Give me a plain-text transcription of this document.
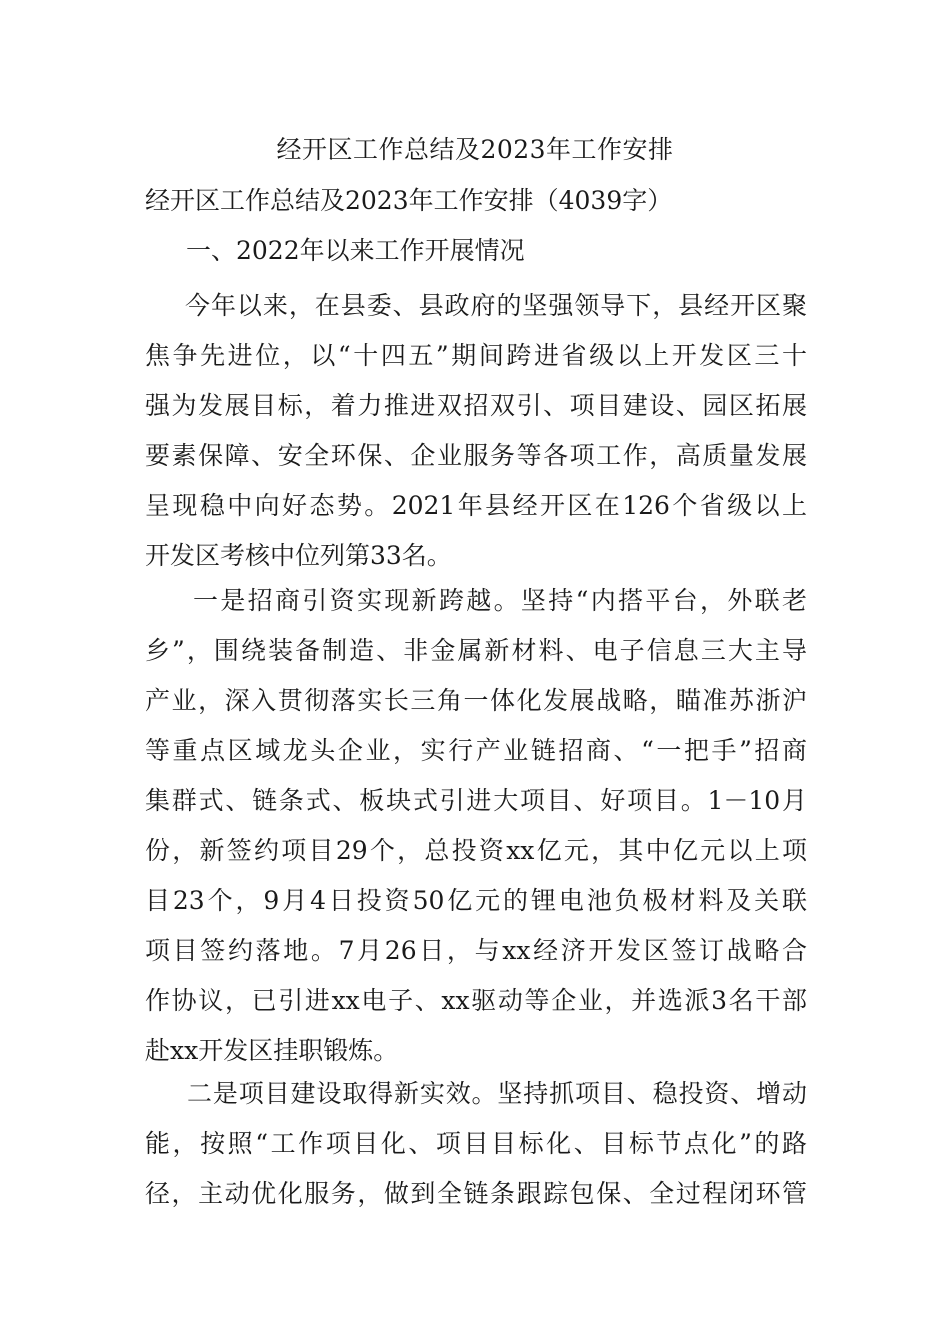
经开区工作总结及2023年工作安排
经开区工作总结及2023年工作安排（4039字）
一、2022年以来工作开展情况
今年以来，在县委、县政府的坚强领导下，县经开区聚
焦争先进位，以“十四五”期间跨进省级以上开发区三十
强为发展目标，着力推进双招双引、项目建设、园区拓展
要素保障、安全环保、企业服务等各项工作，高质量发展
呈现稳中向好态势。2021年县经开区在126个省级以上
开发区考核中位列第33名。
一是招商引资实现新跨越。坚持“内搭平台，外联老
乡”，围绕装备制造、非金属新材料、电子信息三大主导
产业，深入贯彻落实长三角一体化发展战略，瞄准苏浙沪
等重点区域龙头企业，实行产业链招商、“一把手”招商
集群式、链条式、板块式引进大项目、好项目。1－10月
份，新签约项目29个，总投资xx亿元，其中亿元以上项
目23个，9月4日投资50亿元的锂电池负极材料及关联
项目签约落地。7月26日，与xx经济开发区签订战略合
作协议，已引进xx电子、xx驱动等企业，并选派3名干部
赴xx开发区挂职锻炼。
二是项目建设取得新实效。坚持抓项目、稳投资、增动
能，按照“工作项目化、项目目标化、目标节点化”的路
径，主动优化服务，做到全链条跟踪包保、全过程闭环管
